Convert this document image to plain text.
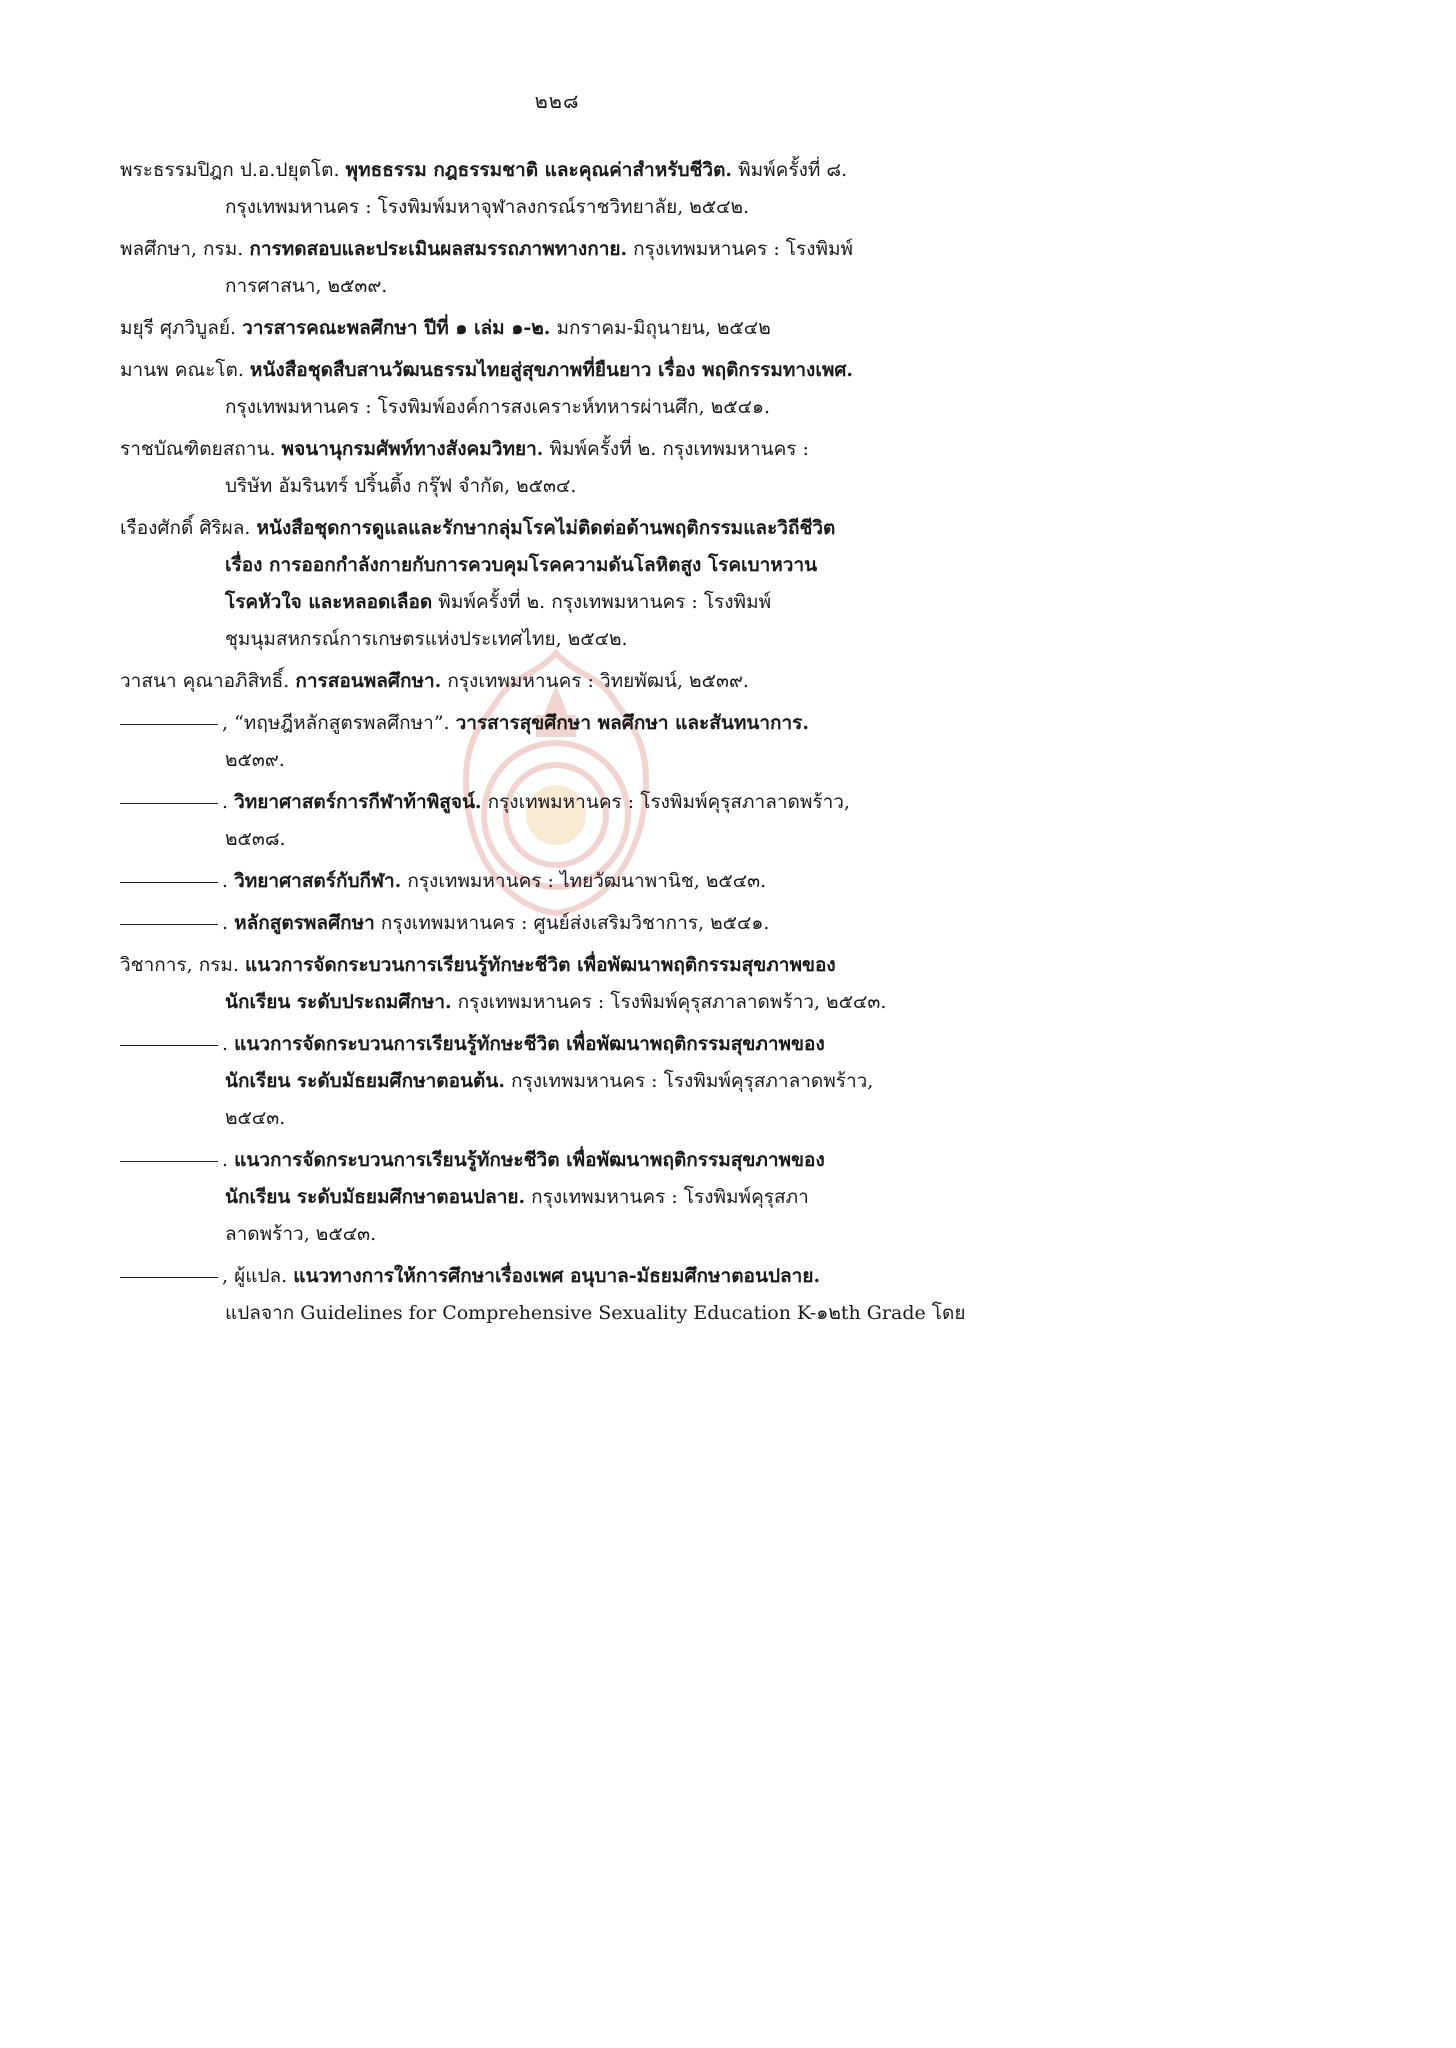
๒๒๘
พระธรรมปิฎก ป.อ.ปยุตโต. พุทธธรรม กฎธรรมชาติ และคุณค่าสำหรับชีวิต. พิมพ์ครั้งที่ ๘.
กรุงเทพมหานคร : โรงพิมพ์มหาจุฬาลงกรณ์ราชวิทยาลัย, ๒๕๔๒.
พลศึกษา, กรม. การทดสอบและประเมินผลสมรรถภาพทางกาย. กรุงเทพมหานคร : โรงพิมพ์
การศาสนา, ๒๕๓๙.
มยุรี ศุภวิบูลย์. วารสารคณะพลศึกษา ปีที่ ๑ เล่ม ๑-๒. มกราคม-มิถุนายน, ๒๕๔๒
มานพ คณะโต. หนังสือชุดสืบสานวัฒนธรรมไทยสู่สุขภาพที่ยืนยาว เรื่อง พฤติกรรมทางเพศ.
กรุงเทพมหานคร : โรงพิมพ์องค์การสงเคราะห์ทหารผ่านศึก, ๒๕๔๑.
ราชบัณฑิตยสถาน. พจนานุกรมศัพท์ทางสังคมวิทยา. พิมพ์ครั้งที่ ๒. กรุงเทพมหานคร :
บริษัท อัมรินทร์ ปริ้นติ้ง กรุ๊ฟ จำกัด, ๒๕๓๔.
เรืองศักดิ์ ศิริผล. หนังสือชุดการดูแลและรักษากลุ่มโรคไม่ติดต่อด้านพฤติกรรมและวิถีชีวิต
เรื่อง การออกกำลังกายกับการควบคุมโรคความดันโลหิตสูง โรคเบาหวาน
โรคหัวใจ และหลอดเลือด พิมพ์ครั้งที่ ๒. กรุงเทพมหานคร : โรงพิมพ์
ชุมนุมสหกรณ์การเกษตรแห่งประเทศไทย, ๒๕๔๒.
วาสนา คุณาอภิสิทธิ์. การสอนพลศึกษา. กรุงเทพมหานคร : วิทยพัฒน์, ๒๕๓๙.
, “ทฤษฎีหลักสูตรพลศึกษา”. วารสารสุขศึกษา พลศึกษา และสันทนาการ.
๒๕๓๙.
. วิทยาศาสตร์การกีฬาท้าพิสูจน์. กรุงเทพมหานคร : โรงพิมพ์คุรุสภาลาดพร้าว,
๒๕๓๘.
. วิทยาศาสตร์กับกีฬา. กรุงเทพมหานคร : ไทยวัฒนาพานิช, ๒๕๔๓.
. หลักสูตรพลศึกษา กรุงเทพมหานคร : ศูนย์ส่งเสริมวิชาการ, ๒๕๔๑.
วิชาการ, กรม. แนวการจัดกระบวนการเรียนรู้ทักษะชีวิต เพื่อพัฒนาพฤติกรรมสุขภาพของ
นักเรียน ระดับประถมศึกษา. กรุงเทพมหานคร : โรงพิมพ์คุรุสภาลาดพร้าว, ๒๕๔๓.
. แนวการจัดกระบวนการเรียนรู้ทักษะชีวิต เพื่อพัฒนาพฤติกรรมสุขภาพของ
นักเรียน ระดับมัธยมศึกษาตอนต้น. กรุงเทพมหานคร : โรงพิมพ์คุรุสภาลาดพร้าว,
๒๕๔๓.
. แนวการจัดกระบวนการเรียนรู้ทักษะชีวิต เพื่อพัฒนาพฤติกรรมสุขภาพของ
นักเรียน ระดับมัธยมศึกษาตอนปลาย. กรุงเทพมหานคร : โรงพิมพ์คุรุสภา
ลาดพร้าว, ๒๕๔๓.
, ผู้แปล. แนวทางการให้การศึกษาเรื่องเพศ อนุบาล-มัธยมศึกษาตอนปลาย.
แปลจาก Guidelines for Comprehensive Sexuality Education K-๑๒th Grade โดย
